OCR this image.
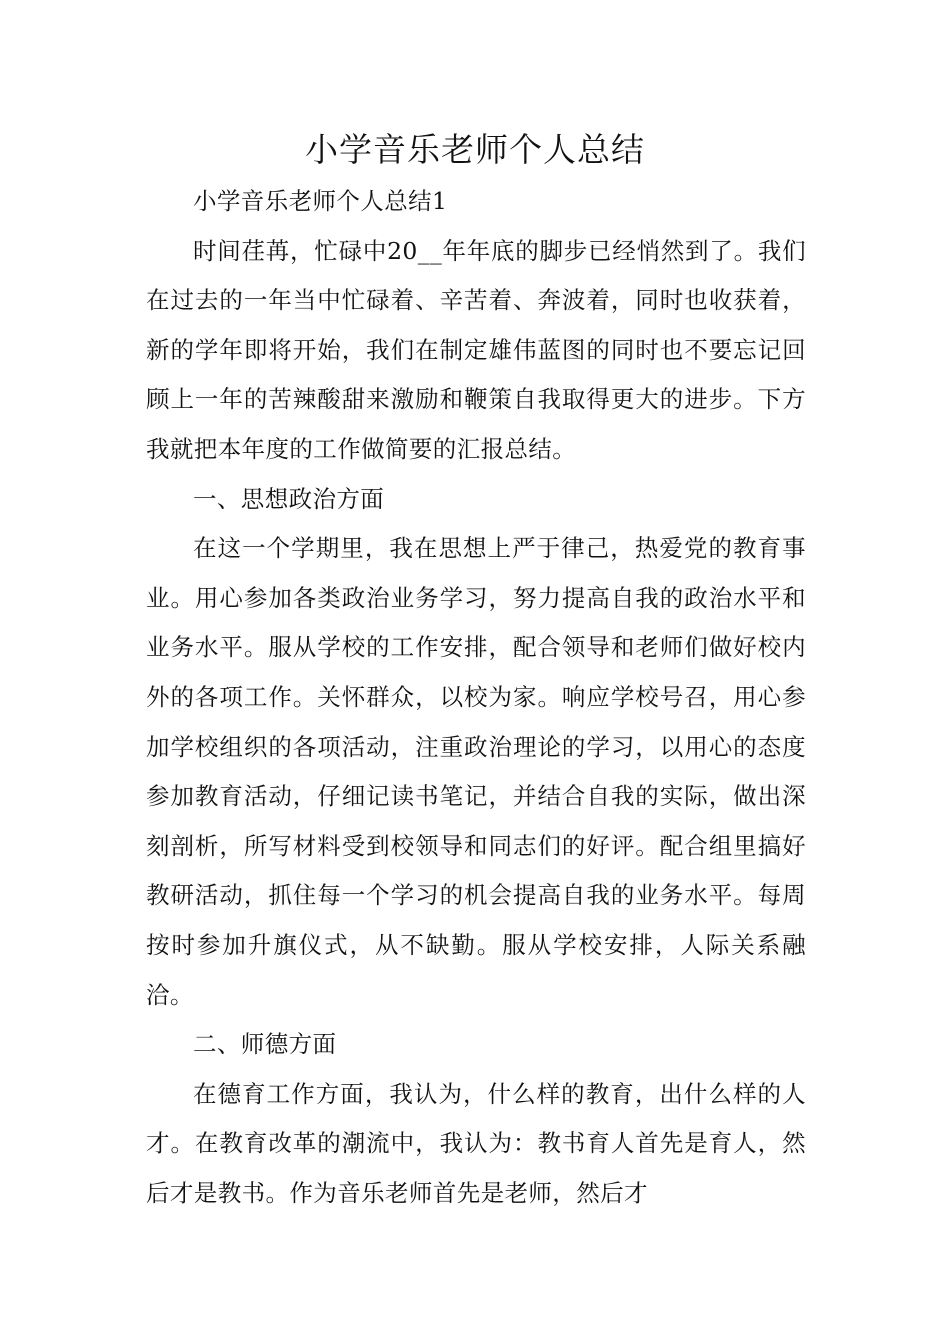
小学音乐老师个人总结

小学音乐老师个人总结1

时间荏苒，忙碌中20__年年底的脚步已经悄然到了。我们在过去的一年当中忙碌着、辛苦着、奔波着，同时也收获着，新的学年即将开始，我们在制定雄伟蓝图的同时也不要忘记回顾上一年的苦辣酸甜来激励和鞭策自我取得更大的进步。下方我就把本年度的工作做简要的汇报总结。

一、思想政治方面

在这一个学期里，我在思想上严于律己，热爱党的教育事业。用心参加各类政治业务学习，努力提高自我的政治水平和业务水平。服从学校的工作安排，配合领导和老师们做好校内外的各项工作。关怀群众，以校为家。响应学校号召，用心参加学校组织的各项活动，注重政治理论的学习，以用心的态度参加教育活动，仔细记读书笔记，并结合自我的实际，做出深刻剖析，所写材料受到校领导和同志们的好评。配合组里搞好教研活动，抓住每一个学习的机会提高自我的业务水平。每周按时参加升旗仪式，从不缺勤。服从学校安排，人际关系融洽。

二、师德方面

在德育工作方面，我认为，什么样的教育，出什么样的人才。在教育改革的潮流中，我认为：教书育人首先是育人，然后才是教书。作为音乐老师首先是老师，然后才
